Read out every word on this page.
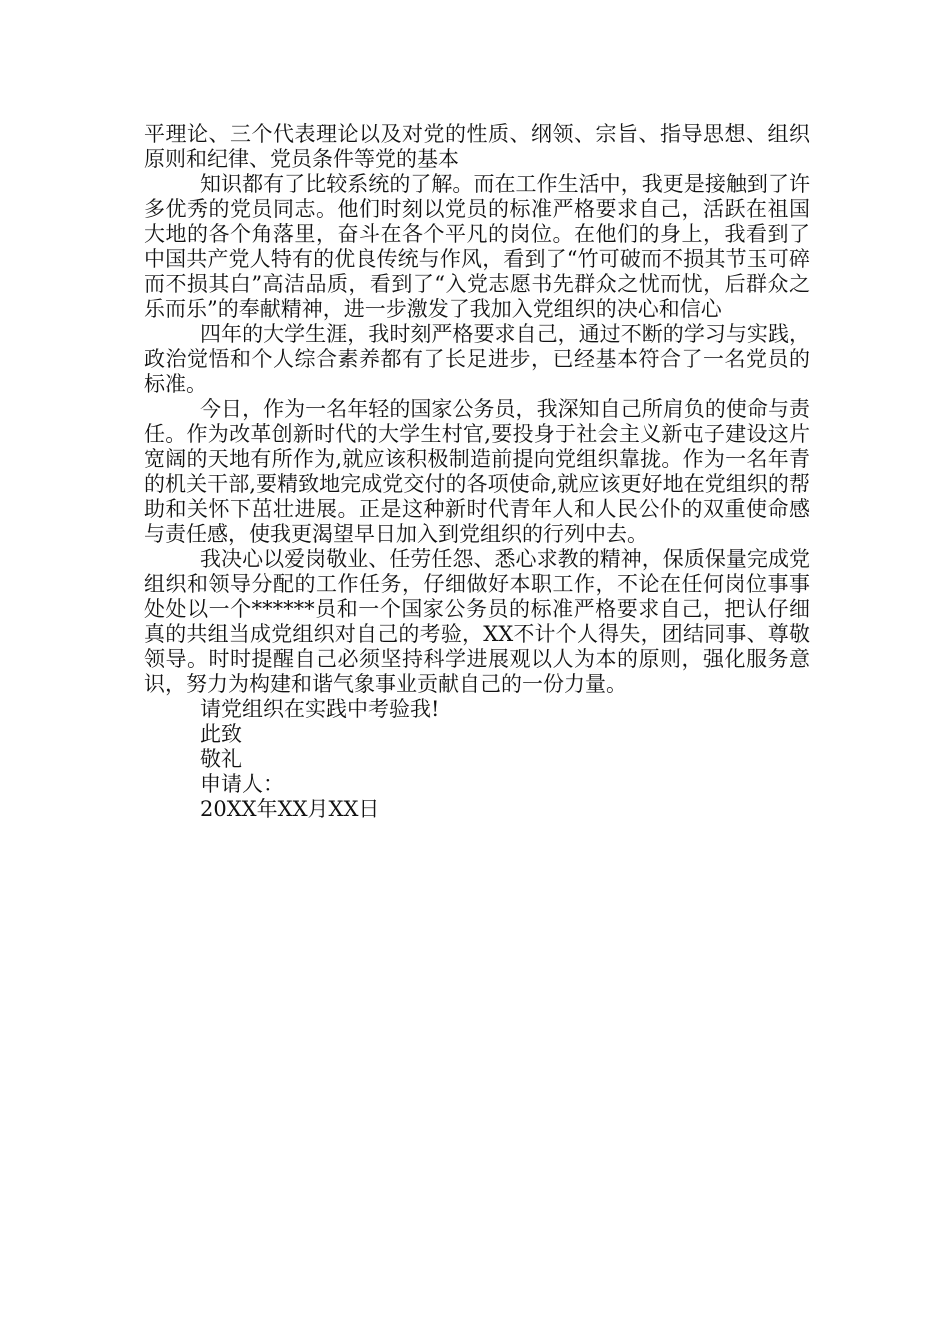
平理论、三个代表理论以及对党的性质、纲领、宗旨、指导思想、组织原则和纪律、党员条件等党的基本

知识都有了比较系统的了解。而在工作生活中，我更是接触到了许多优秀的党员同志。他们时刻以党员的标准严格要求自己，活跃在祖国大地的各个角落里，奋斗在各个平凡的岗位。在他们的身上，我看到了中国共产党人特有的优良传统与作风，看到了“竹可破而不损其节玉可碎而不损其白”高洁品质，看到了“入党志愿书先群众之忧而忧，后群众之乐而乐”的奉献精神，进一步激发了我加入党组织的决心和信心

四年的大学生涯，我时刻严格要求自己，通过不断的学习与实践，政治觉悟和个人综合素养都有了长足进步，已经基本符合了一名党员的标准。

今日，作为一名年轻的国家公务员，我深知自己所肩负的使命与责任。作为改革创新时代的大学生村官,要投身于社会主义新屯子建设这片宽阔的天地有所作为,就应该积极制造前提向党组织靠拢。作为一名年青的机关干部,要精致地完成党交付的各项使命,就应该更好地在党组织的帮助和关怀下茁壮进展。正是这种新时代青年人和人民公仆的双重使命感与责任感，使我更渴望早日加入到党组织的行列中去。

我决心以爱岗敬业、任劳任怨、悉心求教的精神，保质保量完成党组织和领导分配的工作任务，仔细做好本职工作，不论在任何岗位事事处处以一个******员和一个国家公务员的标准严格要求自己，把认仔细真的共组当成党组织对自己的考验，XX不计个人得失，团结同事、尊敬领导。时时提醒自己必须坚持科学进展观以人为本的原则，强化服务意识，努力为构建和谐气象事业贡献自己的一份力量。

请党组织在实践中考验我!

此致

敬礼

申请人：

20XX年XX月XX日
